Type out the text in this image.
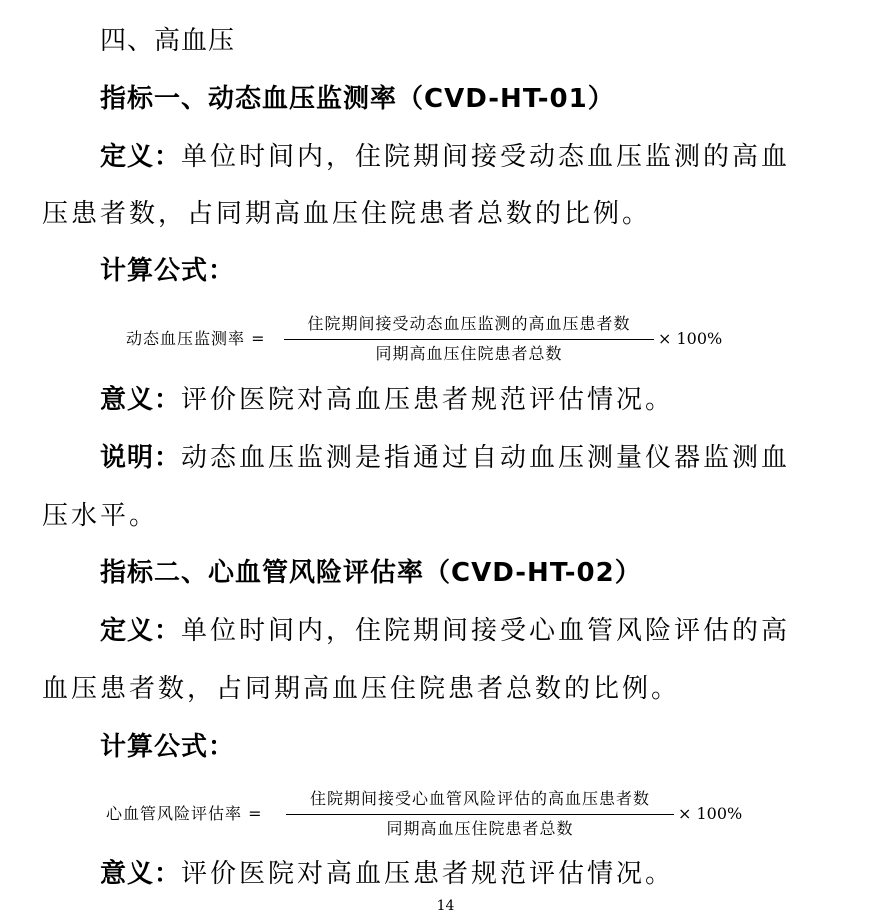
四、高血压
指标一、动态血压监测率（CVD-HT-01）
定义：单位时间内，住院期间接受动态血压监测的高血
压患者数，占同期高血压住院患者总数的比例。
计算公式：
动态血压监测率 =
住院期间接受动态血压监测的高血压患者数
同期高血压住院患者总数
× 100%
意义：评价医院对高血压患者规范评估情况。
说明：动态血压监测是指通过自动血压测量仪器监测血
压水平。
指标二、心血管风险评估率（CVD-HT-02）
定义：单位时间内，住院期间接受心血管风险评估的高
血压患者数，占同期高血压住院患者总数的比例。
计算公式：
心血管风险评估率 =
住院期间接受心血管风险评估的高血压患者数
同期高血压住院患者总数
× 100%
意义：评价医院对高血压患者规范评估情况。
14
